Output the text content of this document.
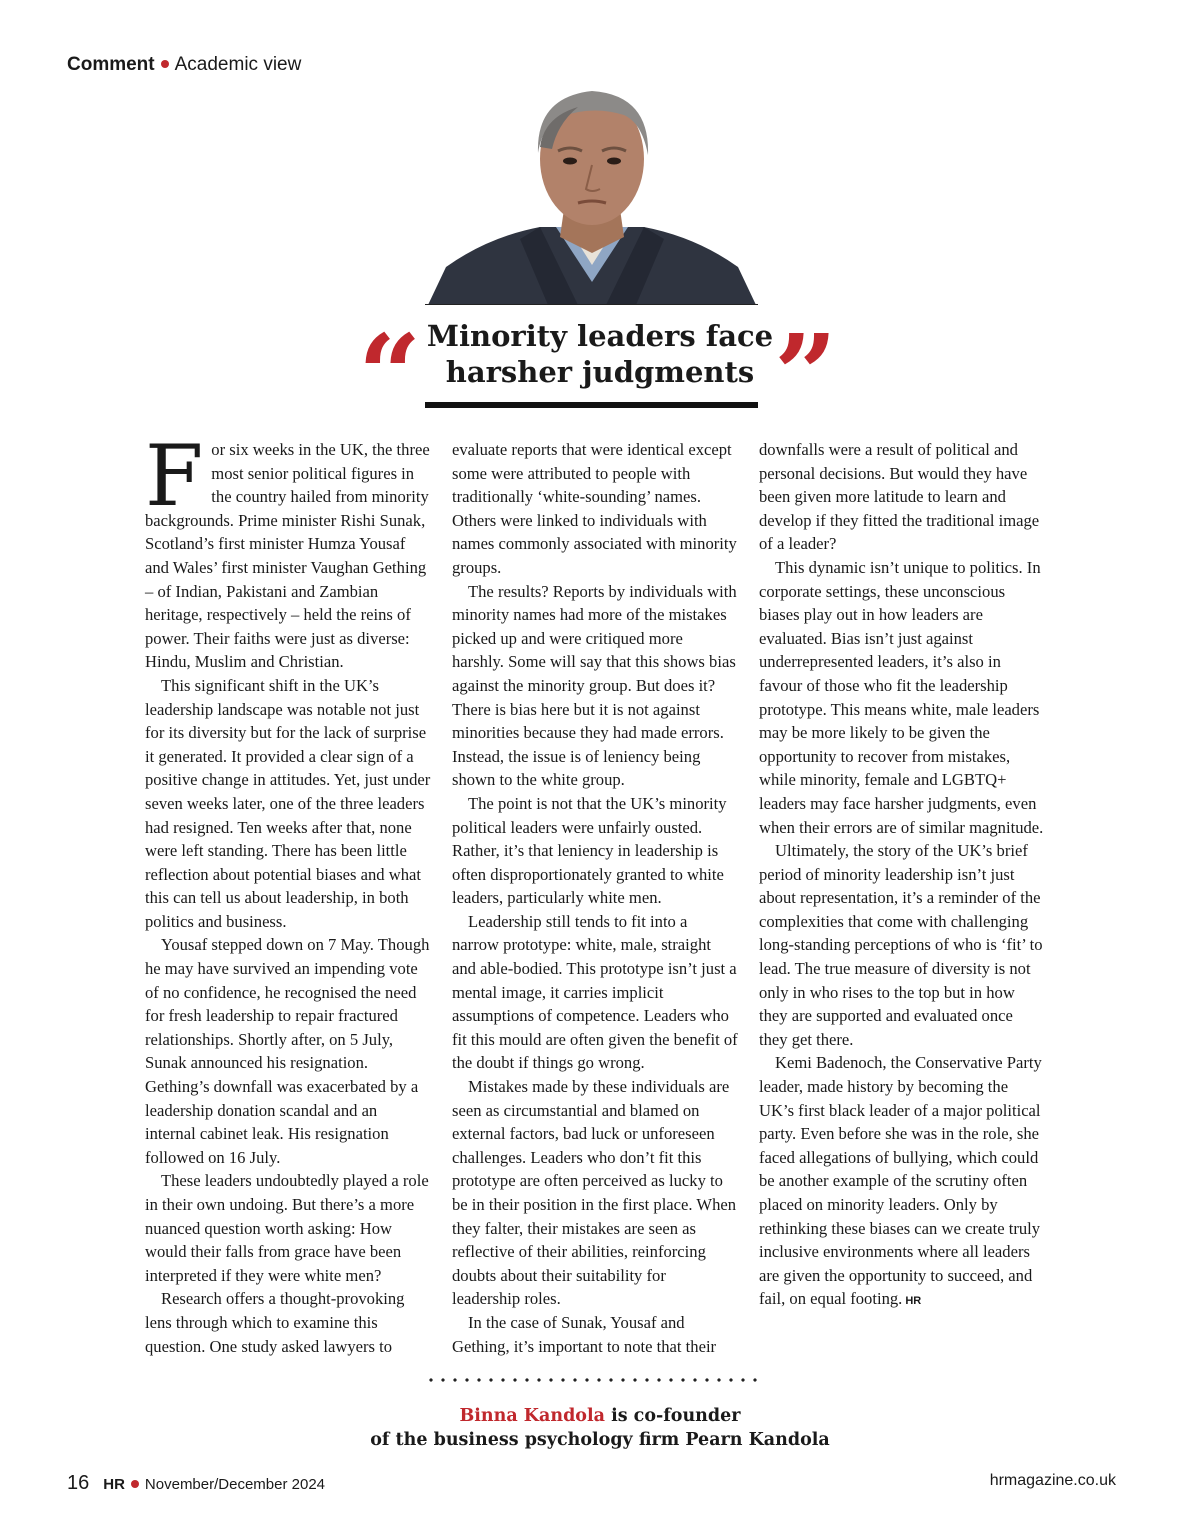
Comment Academic view
“	”
Minority leaders face
harsher judgments

For six weeks in the UK, the three most senior political figures in the country hailed from minority backgrounds. Prime minister Rishi Sunak, Scotland’s first minister Humza Yousaf and Wales’ first minister Vaughan Gething – of Indian, Pakistani and Zambian heritage, respectively – held the reins of power. Their faiths were just as diverse: Hindu, Muslim and Christian.

This significant shift in the UK’s leadership landscape was notable not just for its diversity but for the lack of surprise it generated. It provided a clear sign of a positive change in attitudes. Yet, just under seven weeks later, one of the three leaders had resigned. Ten weeks after that, none were left standing. There has been little reflection about potential biases and what this can tell us about leadership, in both politics and business.

Yousaf stepped down on 7 May. Though he may have survived an impending vote of no confidence, he recognised the need for fresh leadership to repair fractured relationships. Shortly after, on 5 July, Sunak announced his resignation. Gething’s downfall was exacerbated by a leadership donation scandal and an internal cabinet leak. His resignation followed on 16 July.

These leaders undoubtedly played a role in their own undoing. But there’s a more nuanced question worth asking: How would their falls from grace have been interpreted if they were white men?

Research offers a thought-provoking lens through which to examine this question. One study asked lawyers to

evaluate reports that were identical except some were attributed to people with traditionally ‘white-sounding’ names. Others were linked to individuals with names commonly associated with minority groups.

The results? Reports by individuals with minority names had more of the mistakes picked up and were critiqued more harshly. Some will say that this shows bias against the minority group. But does it? There is bias here but it is not against minorities because they had made errors. Instead, the issue is of leniency being shown to the white group.

The point is not that the UK’s minority political leaders were unfairly ousted. Rather, it’s that leniency in leadership is often disproportionately granted to white leaders, particularly white men.

Leadership still tends to fit into a narrow prototype: white, male, straight and able-bodied. This prototype isn’t just a mental image, it carries implicit assumptions of competence. Leaders who fit this mould are often given the benefit of the doubt if things go wrong.

Mistakes made by these individuals are seen as circumstantial and blamed on external factors, bad luck or unforeseen challenges. Leaders who don’t fit this prototype are often perceived as lucky to be in their position in the first place. When they falter, their mistakes are seen as reflective of their abilities, reinforcing doubts about their suitability for leadership roles.

In the case of Sunak, Yousaf and Gething, it’s important to note that their

downfalls were a result of political and personal decisions. But would they have been given more latitude to learn and develop if they fitted the traditional image of a leader?

This dynamic isn’t unique to politics. In corporate settings, these unconscious biases play out in how leaders are evaluated. Bias isn’t just against underrepresented leaders, it’s also in favour of those who fit the leadership prototype. This means white, male leaders may be more likely to be given the opportunity to recover from mistakes, while minority, female and LGBTQ+ leaders may face harsher judgments, even when their errors are of similar magnitude.

Ultimately, the story of the UK’s brief period of minority leadership isn’t just about representation, it’s a reminder of the complexities that come with challenging long-standing perceptions of who is ‘fit’ to lead. The true measure of diversity is not only in who rises to the top but in how they are supported and evaluated once they get there.

Kemi Badenoch, the Conservative Party leader, made history by becoming the UK’s first black leader of a major political party. Even before she was in the role, she faced allegations of bullying, which could be another example of the scrutiny often placed on minority leaders. Only by rethinking these biases can we create truly inclusive environments where all leaders are given the opportunity to succeed, and fail, on equal footing. HR

Binna Kandola is co-founder
of the business psychology firm Pearn Kandola
16 HR November/December 2024	hrmagazine.co.uk
